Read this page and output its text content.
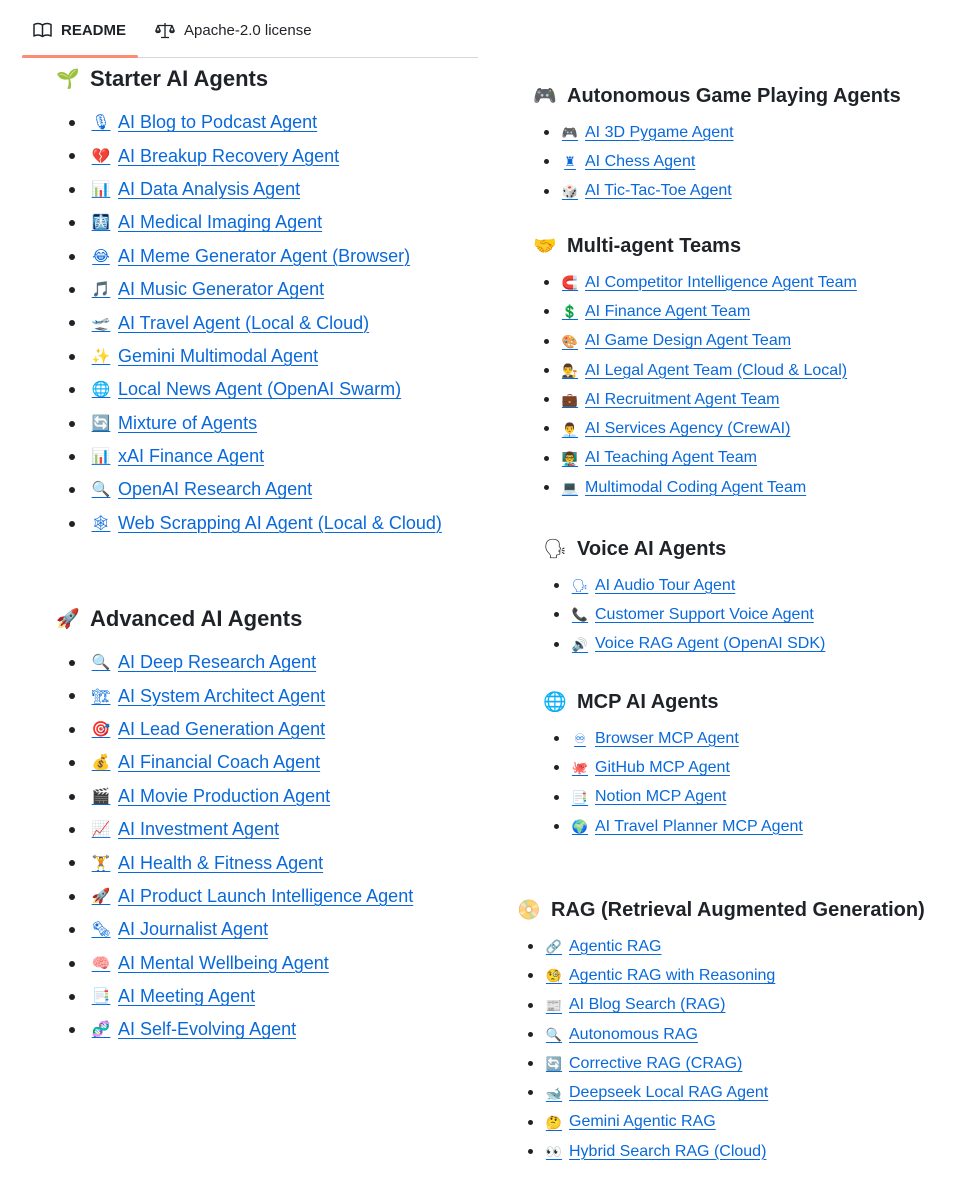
README	Apache-2.0 license
🌱 Starter AI Agents
🎙 AI Blog to Podcast Agent
💔 AI Breakup Recovery Agent
📊 AI Data Analysis Agent
🩻 AI Medical Imaging Agent
😂 AI Meme Generator Agent (Browser)
🎵 AI Music Generator Agent
🛫 AI Travel Agent (Local & Cloud)
✨ Gemini Multimodal Agent
🌐 Local News Agent (OpenAI Swarm)
🔄 Mixture of Agents
📊 xAI Finance Agent
🔍 OpenAI Research Agent
🕸 Web Scrapping AI Agent (Local & Cloud)
🚀 Advanced AI Agents
🔍 AI Deep Research Agent
🏗 AI System Architect Agent
🎯 AI Lead Generation Agent
💰 AI Financial Coach Agent
🎬 AI Movie Production Agent
📈 AI Investment Agent
🏋 AI Health & Fitness Agent
🚀 AI Product Launch Intelligence Agent
🗞 AI Journalist Agent
🧠 AI Mental Wellbeing Agent
📑 AI Meeting Agent
🧬 AI Self-Evolving Agent
🎮 Autonomous Game Playing Agents
🎮 AI 3D Pygame Agent
♜ AI Chess Agent
🎲 AI Tic-Tac-Toe Agent
🤝 Multi-agent Teams
🧲 AI Competitor Intelligence Agent Team
💲 AI Finance Agent Team
🎨 AI Game Design Agent Team
👨‍⚖️ AI Legal Agent Team (Cloud & Local)
💼 AI Recruitment Agent Team
👨‍💼 AI Services Agency (CrewAI)
👨‍🏫 AI Teaching Agent Team
💻 Multimodal Coding Agent Team
🗣 Voice AI Agents
🗣 AI Audio Tour Agent
📞 Customer Support Voice Agent
🔊 Voice RAG Agent (OpenAI SDK)
🌐 MCP AI Agents
♾ Browser MCP Agent
🐙 GitHub MCP Agent
📑 Notion MCP Agent
🌍 AI Travel Planner MCP Agent
📀 RAG (Retrieval Augmented Generation)
🔗 Agentic RAG
🧐 Agentic RAG with Reasoning
📰 AI Blog Search (RAG)
🔍 Autonomous RAG
🔄 Corrective RAG (CRAG)
🐋 Deepseek Local RAG Agent
🤔 Gemini Agentic RAG
👀 Hybrid Search RAG (Cloud)
